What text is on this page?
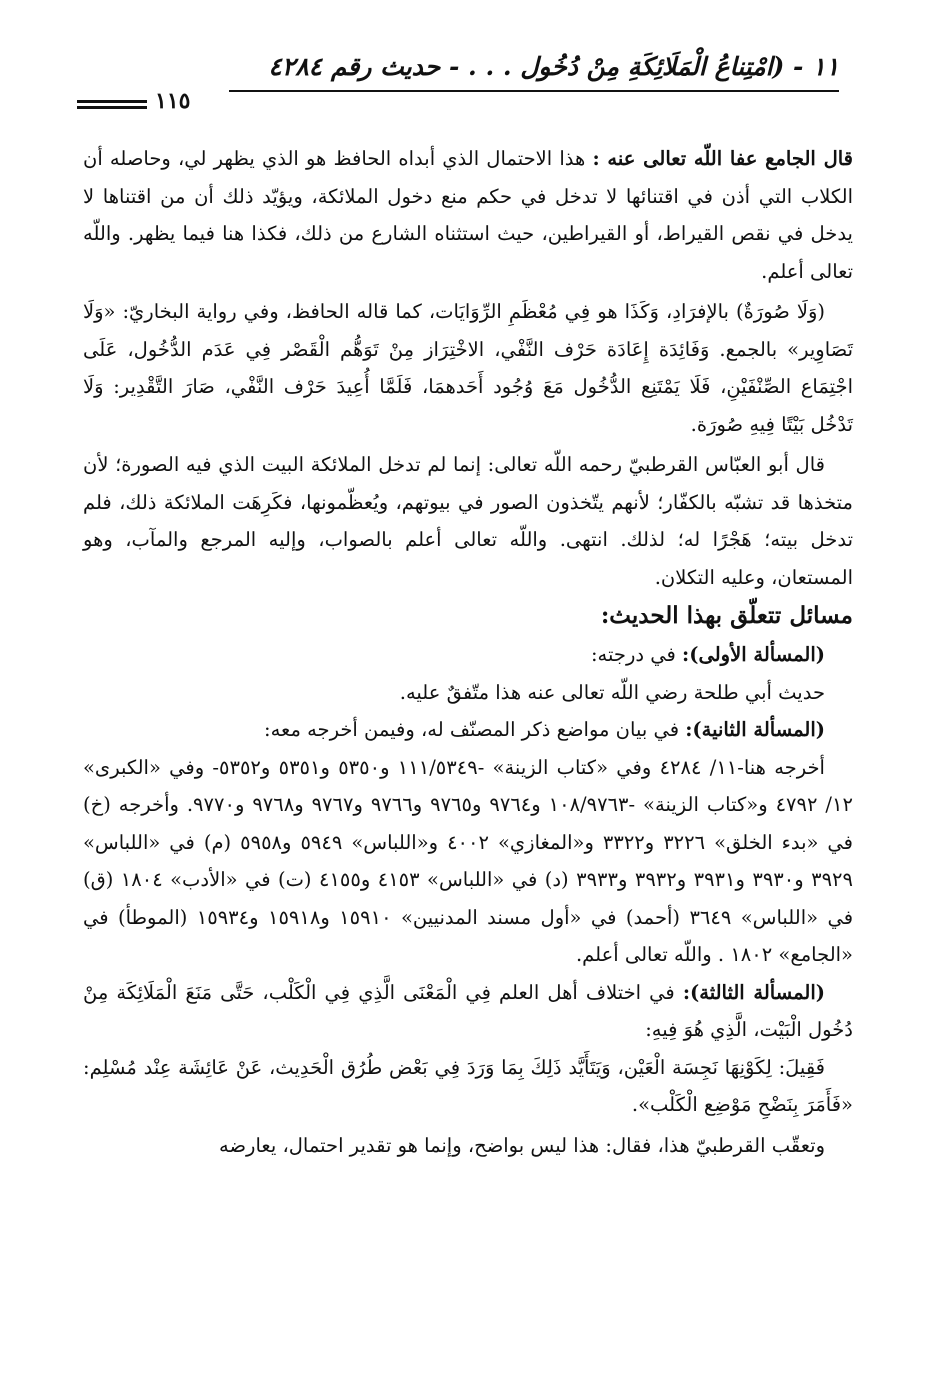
١١ - (امْتِناعُ الْمَلَائِكَةِ مِنْ دُخُول . . . - حديث رقم ٤٢٨٤
١١٥

قال الجامع عفا اللّه تعالى عنه : هذا الاحتمال الذي أبداه الحافظ هو الذي يظهر لي، وحاصله أن الكلاب التي أذن في اقتنائها لا تدخل في حكم منع دخول الملائكة، ويؤيّد ذلك أن من اقتناها لا يدخل في نقص القيراط، أو القيراطين، حيث استثناه الشارع من ذلك، فكذا هنا فيما يظهر. واللّه تعالى أعلم.

(وَلَا صُورَةٌ) بالإفرَادِ، وَكَذَا هو فِي مُعْظَمِ الرِّوَايَات، كما قاله الحافظ، وفي رواية البخاريّ: «وَلَا تَصَاوِير» بالجمع. وَفَائِدَة إِعَادَة حَرْف النَّفْي، الاخْتِرَاز مِنْ تَوَهُّم الْقَصْر فِي عَدَم الدُّخُول، عَلَى اجْتِمَاع الصِّنْفَيْنِ، فَلَا يَمْتَنِع الدُّخُول مَعَ وُجُود أَحَدهمَا، فَلَمَّا أُعِيدَ حَرْف النَّفْي، صَارَ التَّقْدِير: وَلَا تَدْخُل بَيْتًا فِيهِ صُورَة.

قال أبو العبّاس القرطبيّ رحمه اللّه تعالى: إنما لم تدخل الملائكة البيت الذي فيه الصورة؛ لأن متخذها قد تشبّه بالكفّار؛ لأنهم يتّخذون الصور في بيوتهم، ويُعظّمونها، فكَرِهَت الملائكة ذلك، فلم تدخل بيته؛ هَجْرًا له؛ لذلك. انتهى. واللّه تعالى أعلم بالصواب، وإليه المرجع والمآب، وهو المستعان، وعليه التكلان.

مسائل تتعلّق بهذا الحديث:

(المسألة الأولى): في درجته:

حديث أبي طلحة رضي اللّه تعالى عنه هذا متّفقٌ عليه.

(المسألة الثانية): في بيان مواضع ذكر المصنّف له، وفيمن أخرجه معه:

أخرجه هنا-١١/ ٤٢٨٤ وفي «كتاب الزينة» -١١١/٥٣٤٩ و٥٣٥٠ و٥٣٥١ و٥٣٥٢- وفي «الكبرى» ١٢/ ٤٧٩٢ و«كتاب الزينة» -١٠٨/٩٧٦٣ و٩٧٦٤ و٩٧٦٥ و٩٧٦٦ و٩٧٦٧ و٩٧٦٨ و٩٧٧٠. وأخرجه (خ) في «بدء الخلق» ٣٢٢٦ و٣٣٢٢ و«المغازي» ٤٠٠٢ و«اللباس» ٥٩٤٩ و٥٩٥٨ (م) في «اللباس» ٣٩٢٩ و٣٩٣٠ و٣٩٣١ و٣٩٣٢ و٣٩٣٣ (د) في «اللباس» ٤١٥٣ و٤١٥٥ (ت) في «الأدب» ١٨٠٤ (ق) في «اللباس» ٣٦٤٩ (أحمد) في «أول مسند المدنيين» ١٥٩١٠ و١٥٩١٨ و١٥٩٣٤ (الموطأ) في «الجامع» ١٨٠٢ . واللّه تعالى أعلم.

(المسألة الثالثة): في اختلاف أهل العلم فِي الْمَعْنَى الَّذِي فِي الْكَلْب، حَتَّى مَنَعَ الْمَلَائِكَة مِنْ دُخُول الْبَيْت، الَّذِي هُوَ فِيهِ:

فَقِيلَ: لِكَوْنِهَا نَجِسَة الْعَيْن، وَيَتَأَيَّد ذَلِكَ بِمَا وَرَدَ فِي بَعْض طُرُق الْحَدِيث، عَنْ عَائِشَة عِنْد مُسْلِم: «فَأَمَرَ بِنَضْحِ مَوْضِع الْكَلْب».

وتعقّب القرطبيّ هذا، فقال: هذا ليس بواضح، وإنما هو تقدير احتمال، يعارضه
